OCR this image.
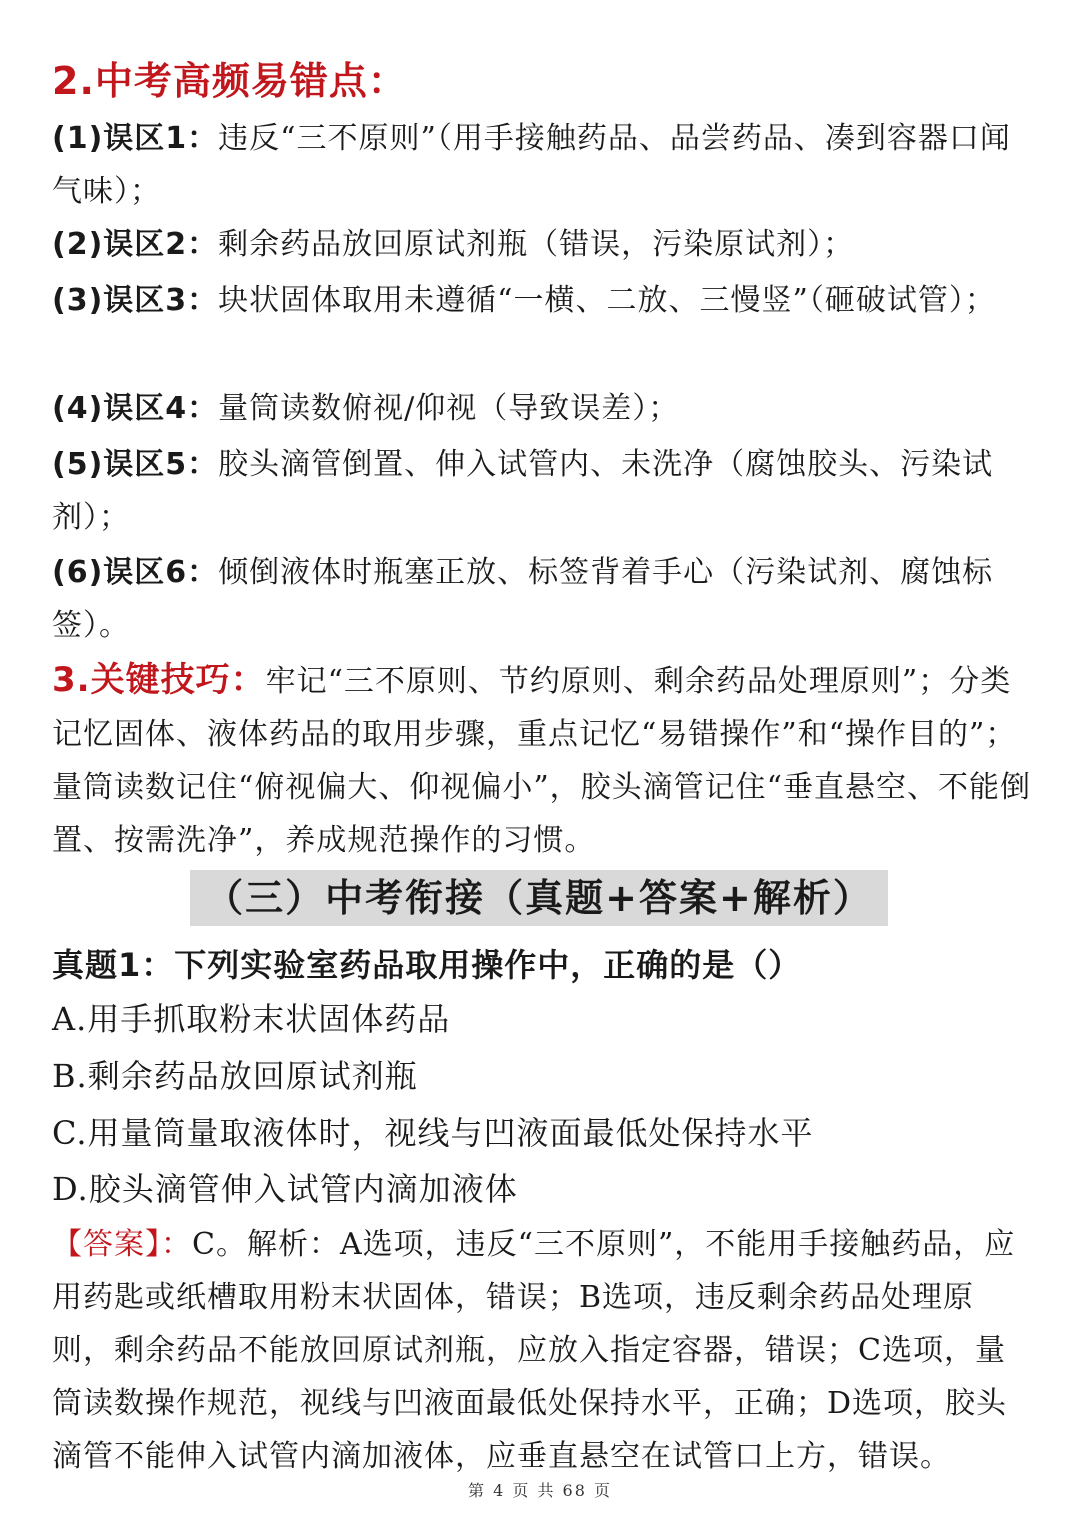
2.中考高频易错点：
(1)误区1：违反“三不原则”（用手接触药品、品尝药品、凑到容器口闻气味）；
(2)误区2：剩余药品放回原试剂瓶（错误，污染原试剂）；
(3)误区3：块状固体取用未遵循“一横、二放、三慢竖”（砸破试管）；
(4)误区4：量筒读数俯视/仰视（导致误差）；
(5)误区5：胶头滴管倒置、伸入试管内、未洗净（腐蚀胶头、污染试剂）；
(6)误区6：倾倒液体时瓶塞正放、标签背着手心（污染试剂、腐蚀标签）。
3.关键技巧：牢记“三不原则、节约原则、剩余药品处理原则”；分类记忆固体、液体药品的取用步骤，重点记忆“易错操作”和“操作目的”；量筒读数记住“俯视偏大、仰视偏小”，胶头滴管记住“垂直悬空、不能倒置、按需洗净”，养成规范操作的习惯。
（三）中考衔接（真题+答案+解析）
真题1：下列实验室药品取用操作中，正确的是（）
A.用手抓取粉末状固体药品
B.剩余药品放回原试剂瓶
C.用量筒量取液体时，视线与凹液面最低处保持水平
D.胶头滴管伸入试管内滴加液体
【答案】：C。解析：A选项，违反“三不原则”，不能用手接触药品，应用药匙或纸槽取用粉末状固体，错误；B选项，违反剩余药品处理原则，剩余药品不能放回原试剂瓶，应放入指定容器，错误；C选项，量筒读数操作规范，视线与凹液面最低处保持水平，正确；D选项，胶头滴管不能伸入试管内滴加液体，应垂直悬空在试管口上方，错误。
第 4 页 共 68 页
